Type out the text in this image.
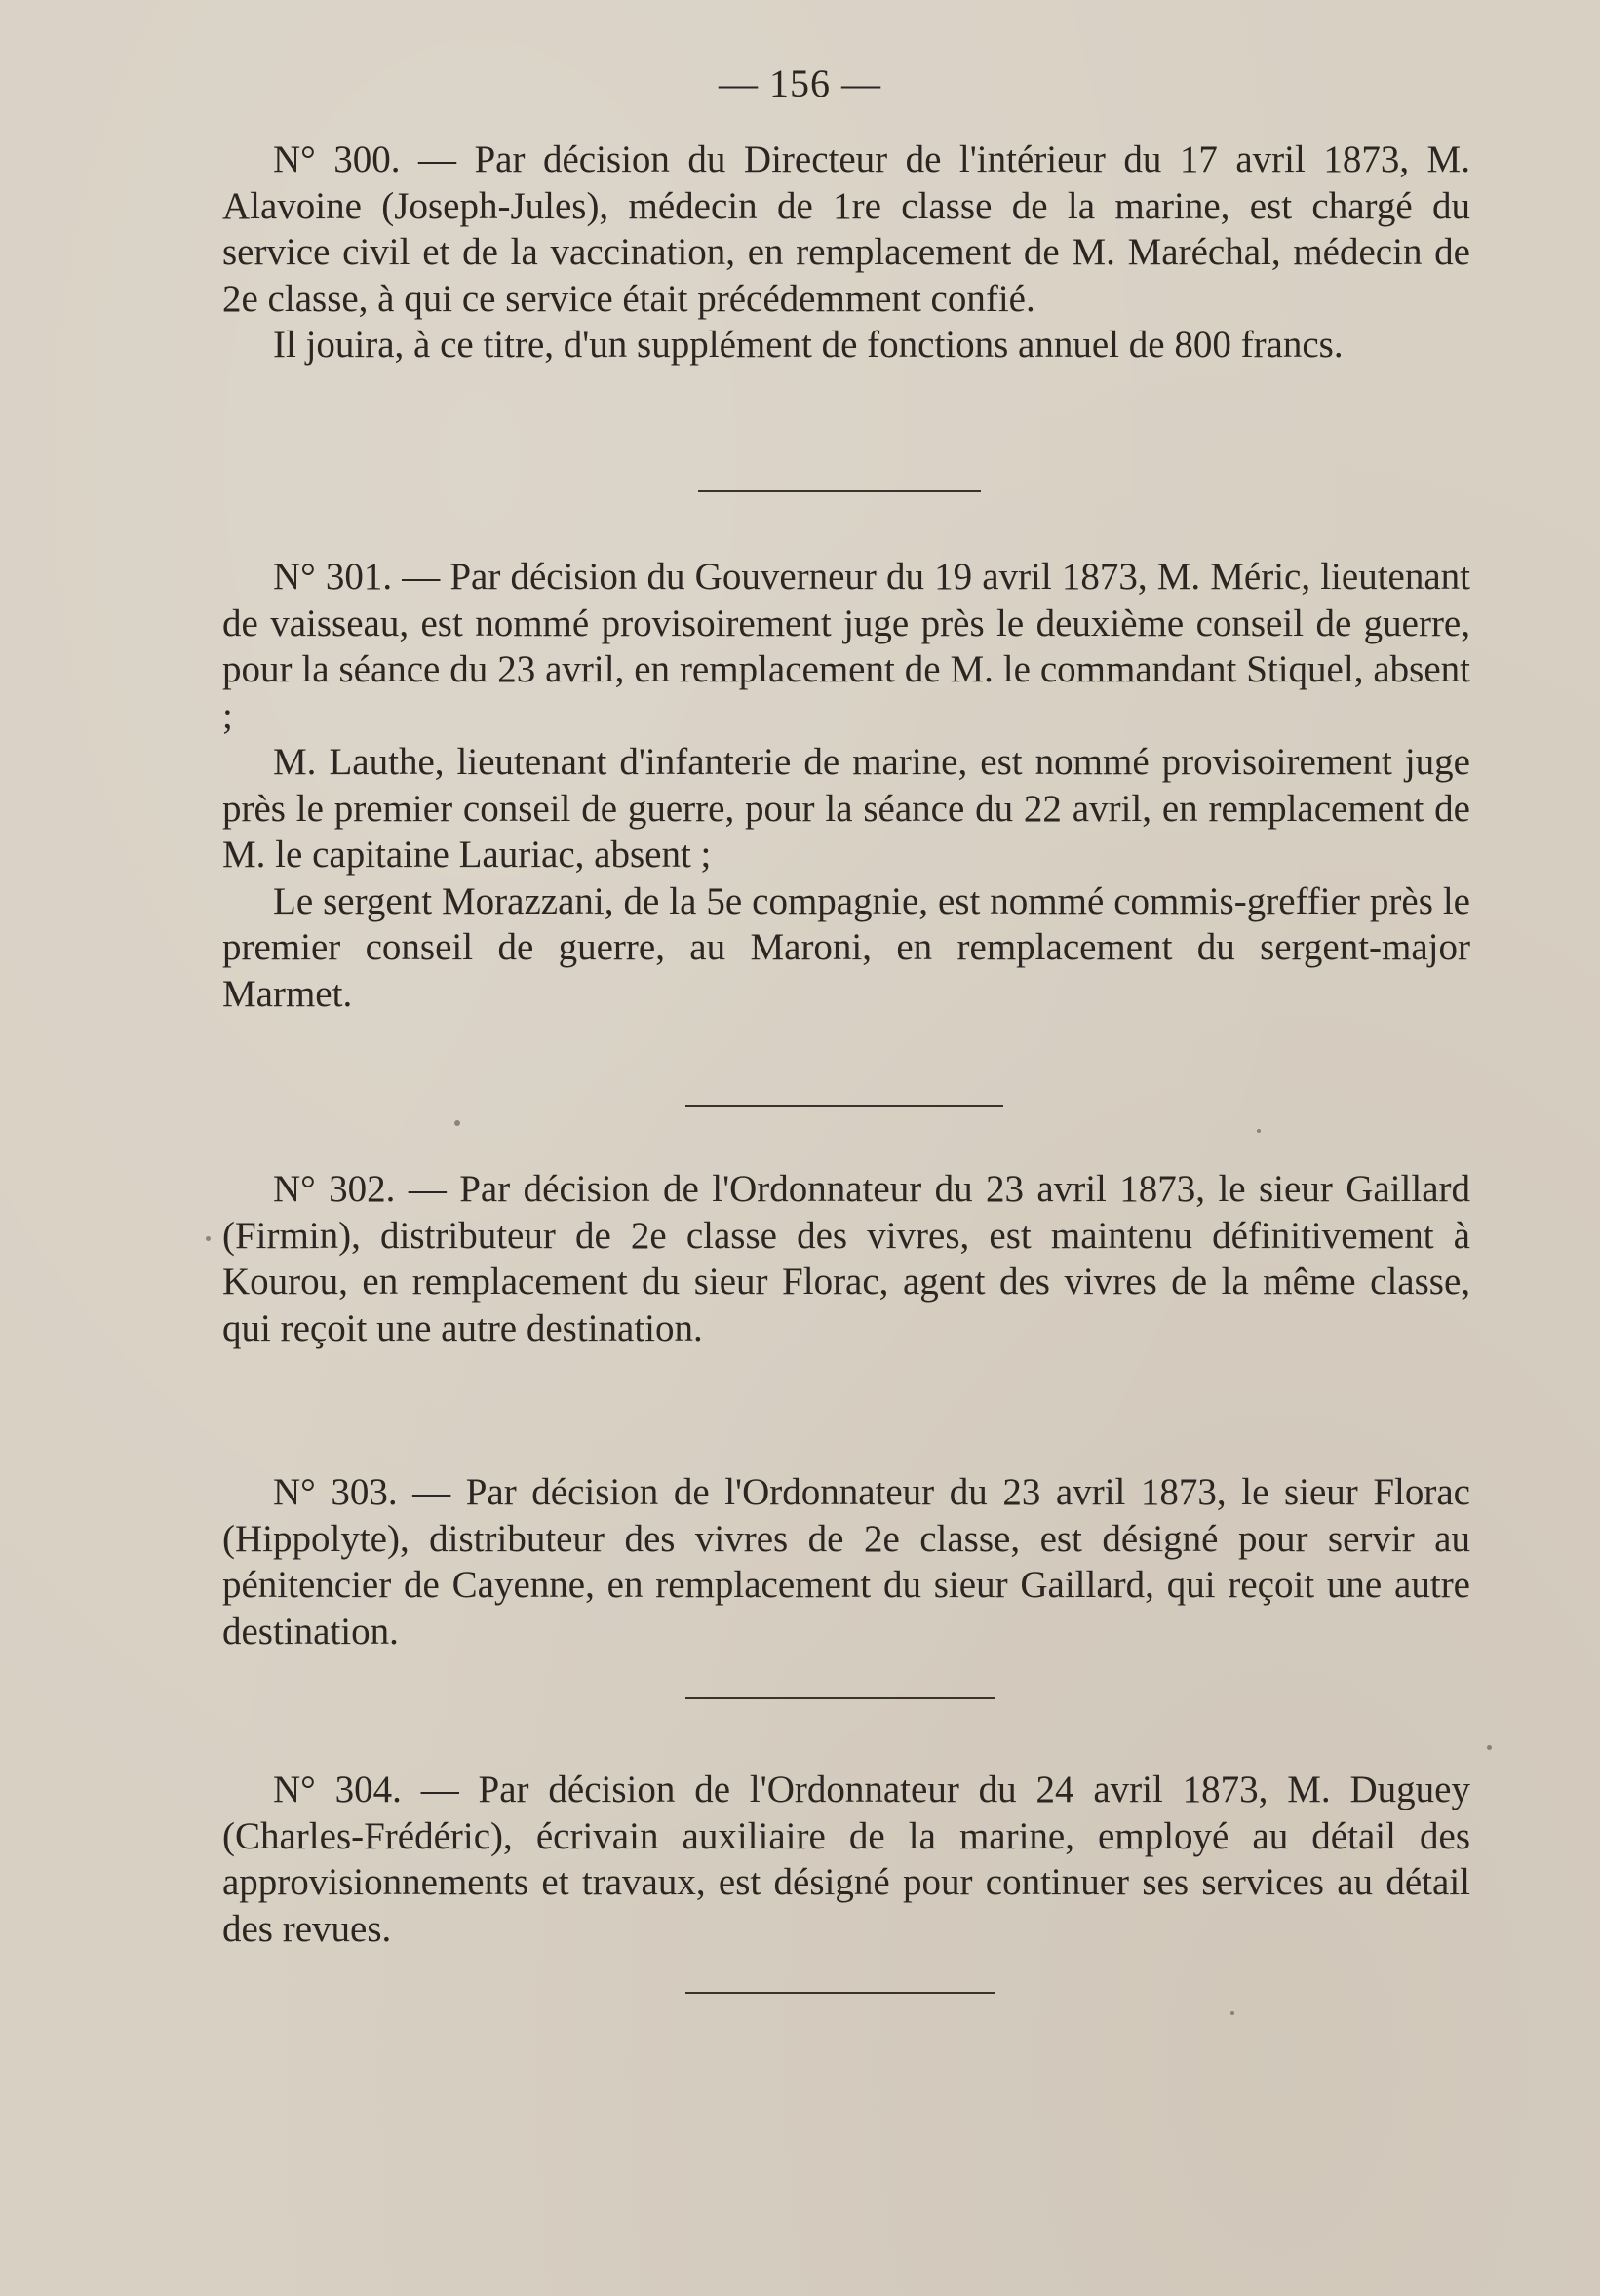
— 156 —

N° 300. — Par décision du Directeur de l'intérieur du 17 avril 1873, M. Alavoine (Joseph-Jules), médecin de 1re classe de la marine, est chargé du service civil et de la vaccination, en remplacement de M. Maréchal, médecin de 2e classe, à qui ce service était précédemment confié.

Il jouira, à ce titre, d'un supplément de fonctions annuel de 800 francs.

N° 301. — Par décision du Gouverneur du 19 avril 1873, M. Méric, lieutenant de vaisseau, est nommé provisoirement juge près le deuxième conseil de guerre, pour la séance du 23 avril, en remplacement de M. le commandant Stiquel, absent ;

M. Lauthe, lieutenant d'infanterie de marine, est nommé provisoirement juge près le premier conseil de guerre, pour la séance du 22 avril, en remplacement de M. le capitaine Lauriac, absent ;

Le sergent Morazzani, de la 5e compagnie, est nommé commis-greffier près le premier conseil de guerre, au Maroni, en remplacement du sergent-major Marmet.

N° 302. — Par décision de l'Ordonnateur du 23 avril 1873, le sieur Gaillard (Firmin), distributeur de 2e classe des vivres, est maintenu définitivement à Kourou, en remplacement du sieur Florac, agent des vivres de la même classe, qui reçoit une autre destination.

N° 303. — Par décision de l'Ordonnateur du 23 avril 1873, le sieur Florac (Hippolyte), distributeur des vivres de 2e classe, est désigné pour servir au pénitencier de Cayenne, en remplacement du sieur Gaillard, qui reçoit une autre destination.

N° 304. — Par décision de l'Ordonnateur du 24 avril 1873, M. Duguey (Charles-Frédéric), écrivain auxiliaire de la marine, employé au détail des approvisionnements et travaux, est désigné pour continuer ses services au détail des revues.
